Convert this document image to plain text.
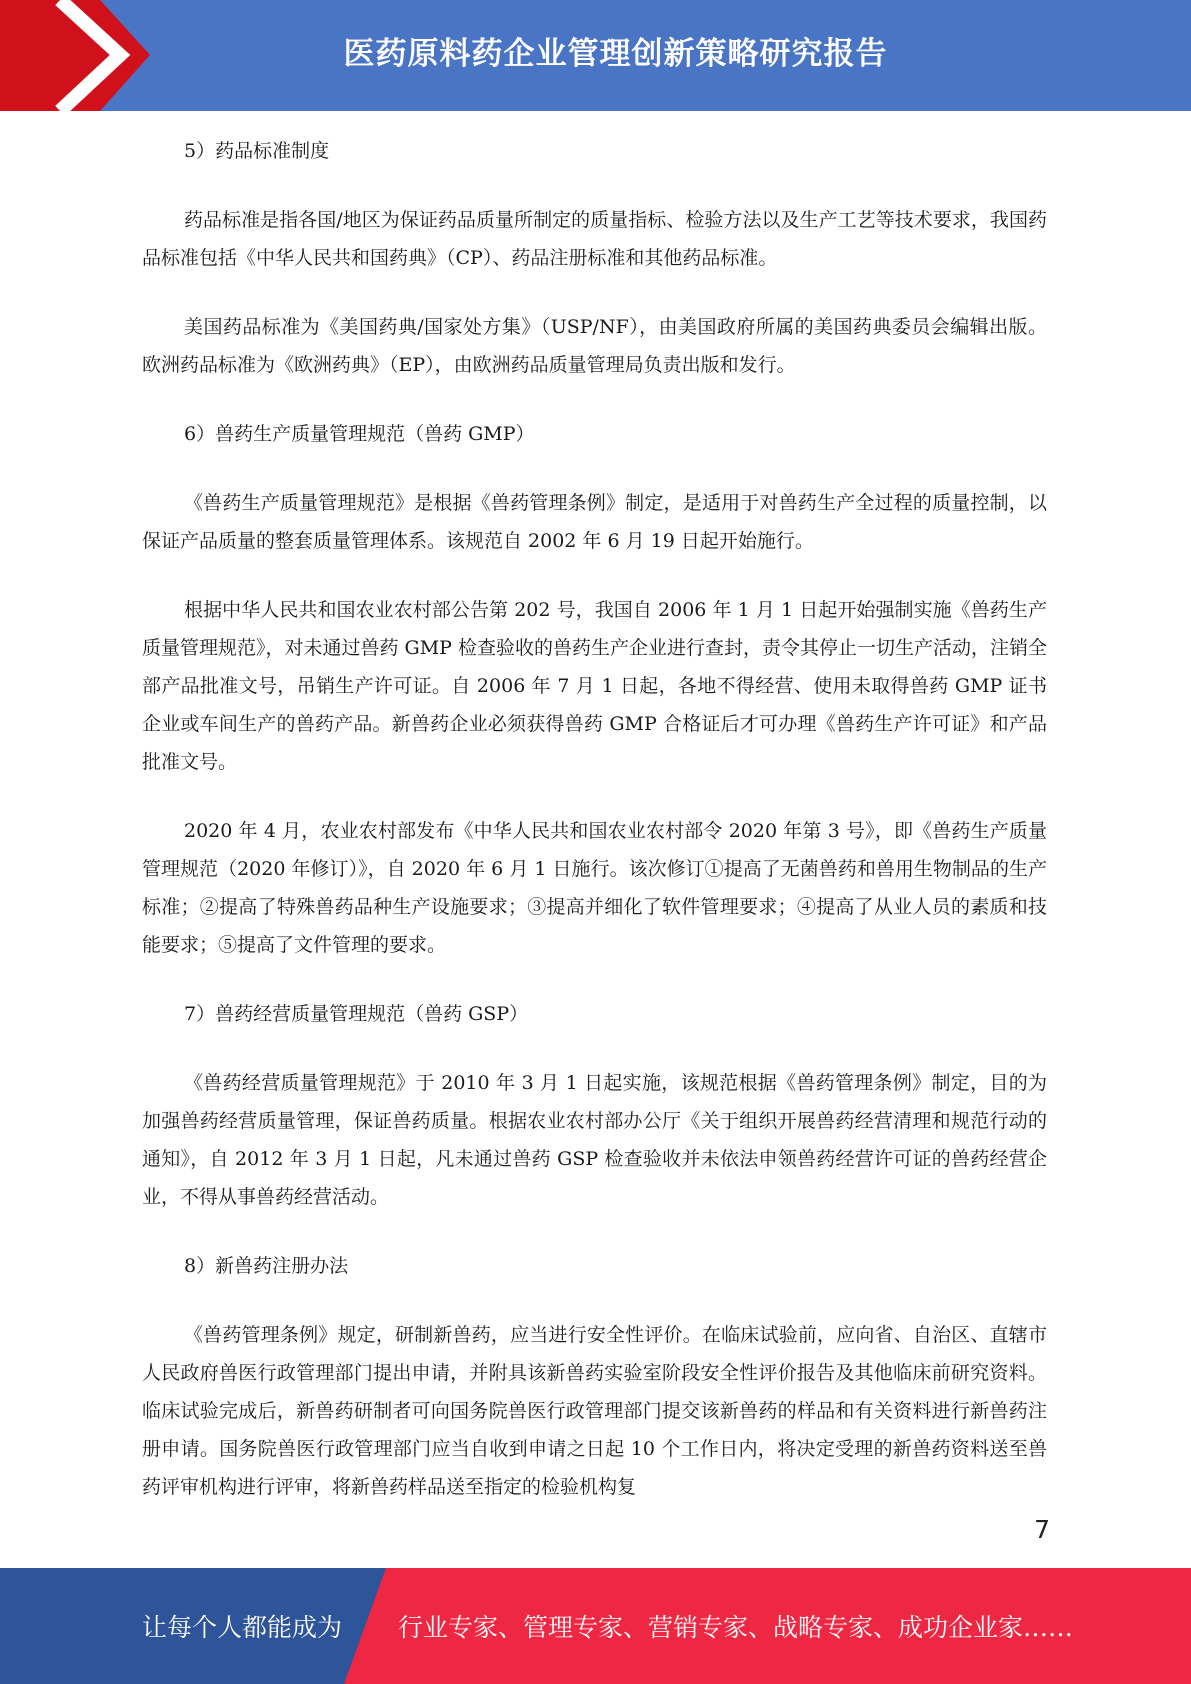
医药原料药企业管理创新策略研究报告

5）药品标准制度

药品标准是指各国/地区为保证药品质量所制定的质量指标、检验方法以及生产工艺等技术要求，我国药品标准包括《中华人民共和国药典》（CP）、药品注册标准和其他药品标准。

美国药品标准为《美国药典/国家处方集》（USP/NF），由美国政府所属的美国药典委员会编辑出版。欧洲药品标准为《欧洲药典》（EP），由欧洲药品质量管理局负责出版和发行。

6）兽药生产质量管理规范（兽药 GMP）

《兽药生产质量管理规范》是根据《兽药管理条例》制定，是适用于对兽药生产全过程的质量控制，以保证产品质量的整套质量管理体系。该规范自 2002 年 6 月 19 日起开始施行。

根据中华人民共和国农业农村部公告第 202 号，我国自 2006 年 1 月 1 日起开始强制实施《兽药生产质量管理规范》，对未通过兽药 GMP 检查验收的兽药生产企业进行查封，责令其停止一切生产活动，注销全部产品批准文号，吊销生产许可证。自 2006 年 7 月 1 日起，各地不得经营、使用未取得兽药 GMP 证书企业或车间生产的兽药产品。新兽药企业必须获得兽药 GMP 合格证后才可办理《兽药生产许可证》和产品批准文号。

2020 年 4 月，农业农村部发布《中华人民共和国农业农村部令 2020 年第 3 号》，即《兽药生产质量管理规范（2020 年修订）》，自 2020 年 6 月 1 日施行。该次修订①提高了无菌兽药和兽用生物制品的生产标准；②提高了特殊兽药品种生产设施要求；③提高并细化了软件管理要求；④提高了从业人员的素质和技能要求；⑤提高了文件管理的要求。

7）兽药经营质量管理规范（兽药 GSP）

《兽药经营质量管理规范》于 2010 年 3 月 1 日起实施，该规范根据《兽药管理条例》制定，目的为加强兽药经营质量管理，保证兽药质量。根据农业农村部办公厅《关于组织开展兽药经营清理和规范行动的通知》，自 2012 年 3 月 1 日起，凡未通过兽药 GSP 检查验收并未依法申领兽药经营许可证的兽药经营企业，不得从事兽药经营活动。

8）新兽药注册办法

《兽药管理条例》规定，研制新兽药，应当进行安全性评价。在临床试验前，应向省、自治区、直辖市人民政府兽医行政管理部门提出申请，并附具该新兽药实验室阶段安全性评价报告及其他临床前研究资料。临床试验完成后，新兽药研制者可向国务院兽医行政管理部门提交该新兽药的样品和有关资料进行新兽药注册申请。国务院兽医行政管理部门应当自收到申请之日起 10 个工作日内，将决定受理的新兽药资料送至兽药评审机构进行评审，将新兽药样品送至指定的检验机构复

7
让每个人都能成为 行业专家、管理专家、营销专家、战略专家、成功企业家……
